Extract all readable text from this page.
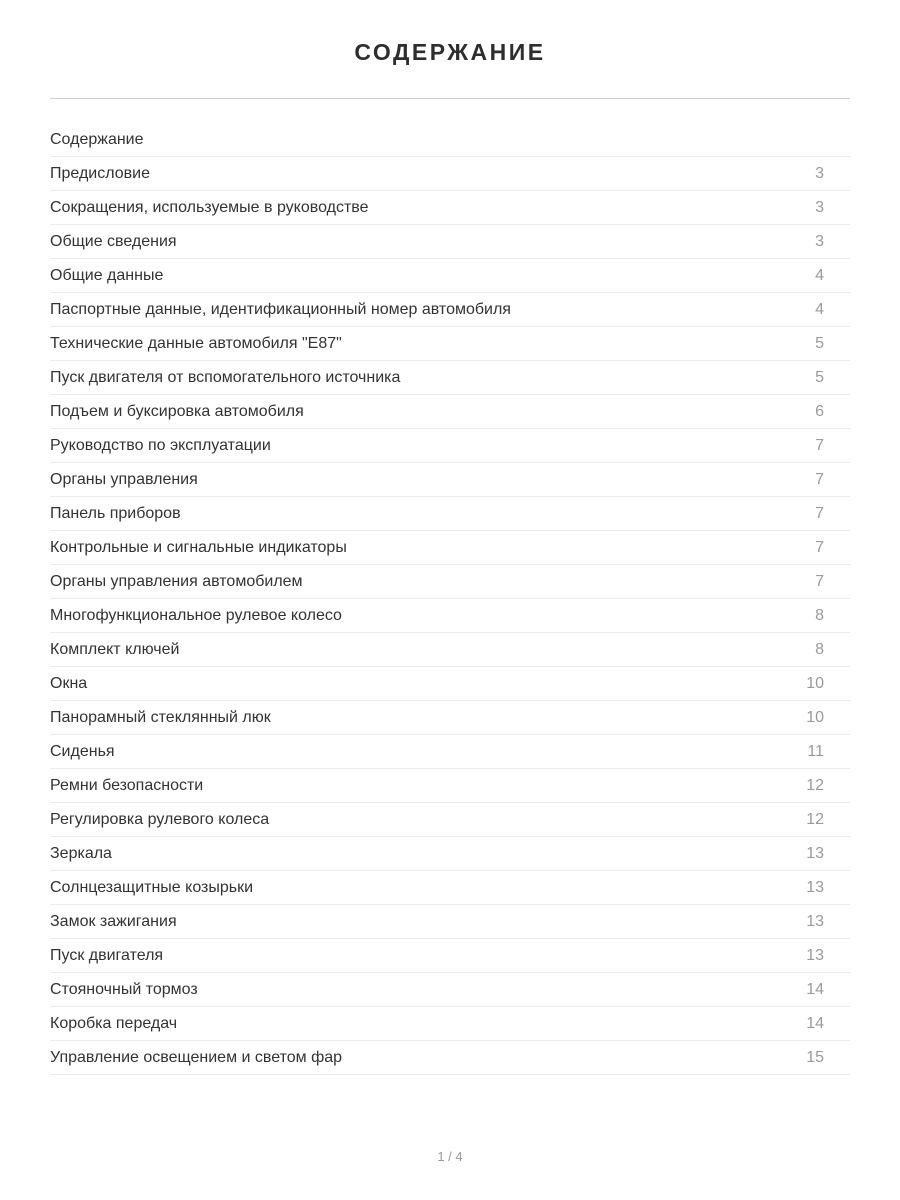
СОДЕРЖАНИЕ
Содержание
Предисловие	3
Сокращения, используемые в руководстве	3
Общие сведения	3
Общие данные	4
Паспортные данные, идентификационный номер автомобиля	4
Технические данные автомобиля "E87"	5
Пуск двигателя от вспомогательного источника	5
Подъем и буксировка автомобиля	6
Руководство по эксплуатации	7
Органы управления	7
Панель приборов	7
Контрольные и сигнальные индикаторы	7
Органы управления автомобилем	7
Многофункциональное рулевое колесо	8
Комплект ключей	8
Окна	10
Панорамный стеклянный люк	10
Сиденья	11
Ремни безопасности	12
Регулировка рулевого колеса	12
Зеркала	13
Солнцезащитные козырьки	13
Замок зажигания	13
Пуск двигателя	13
Стояночный тормоз	14
Коробка передач	14
Управление освещением и светом фар	15
1 / 4
